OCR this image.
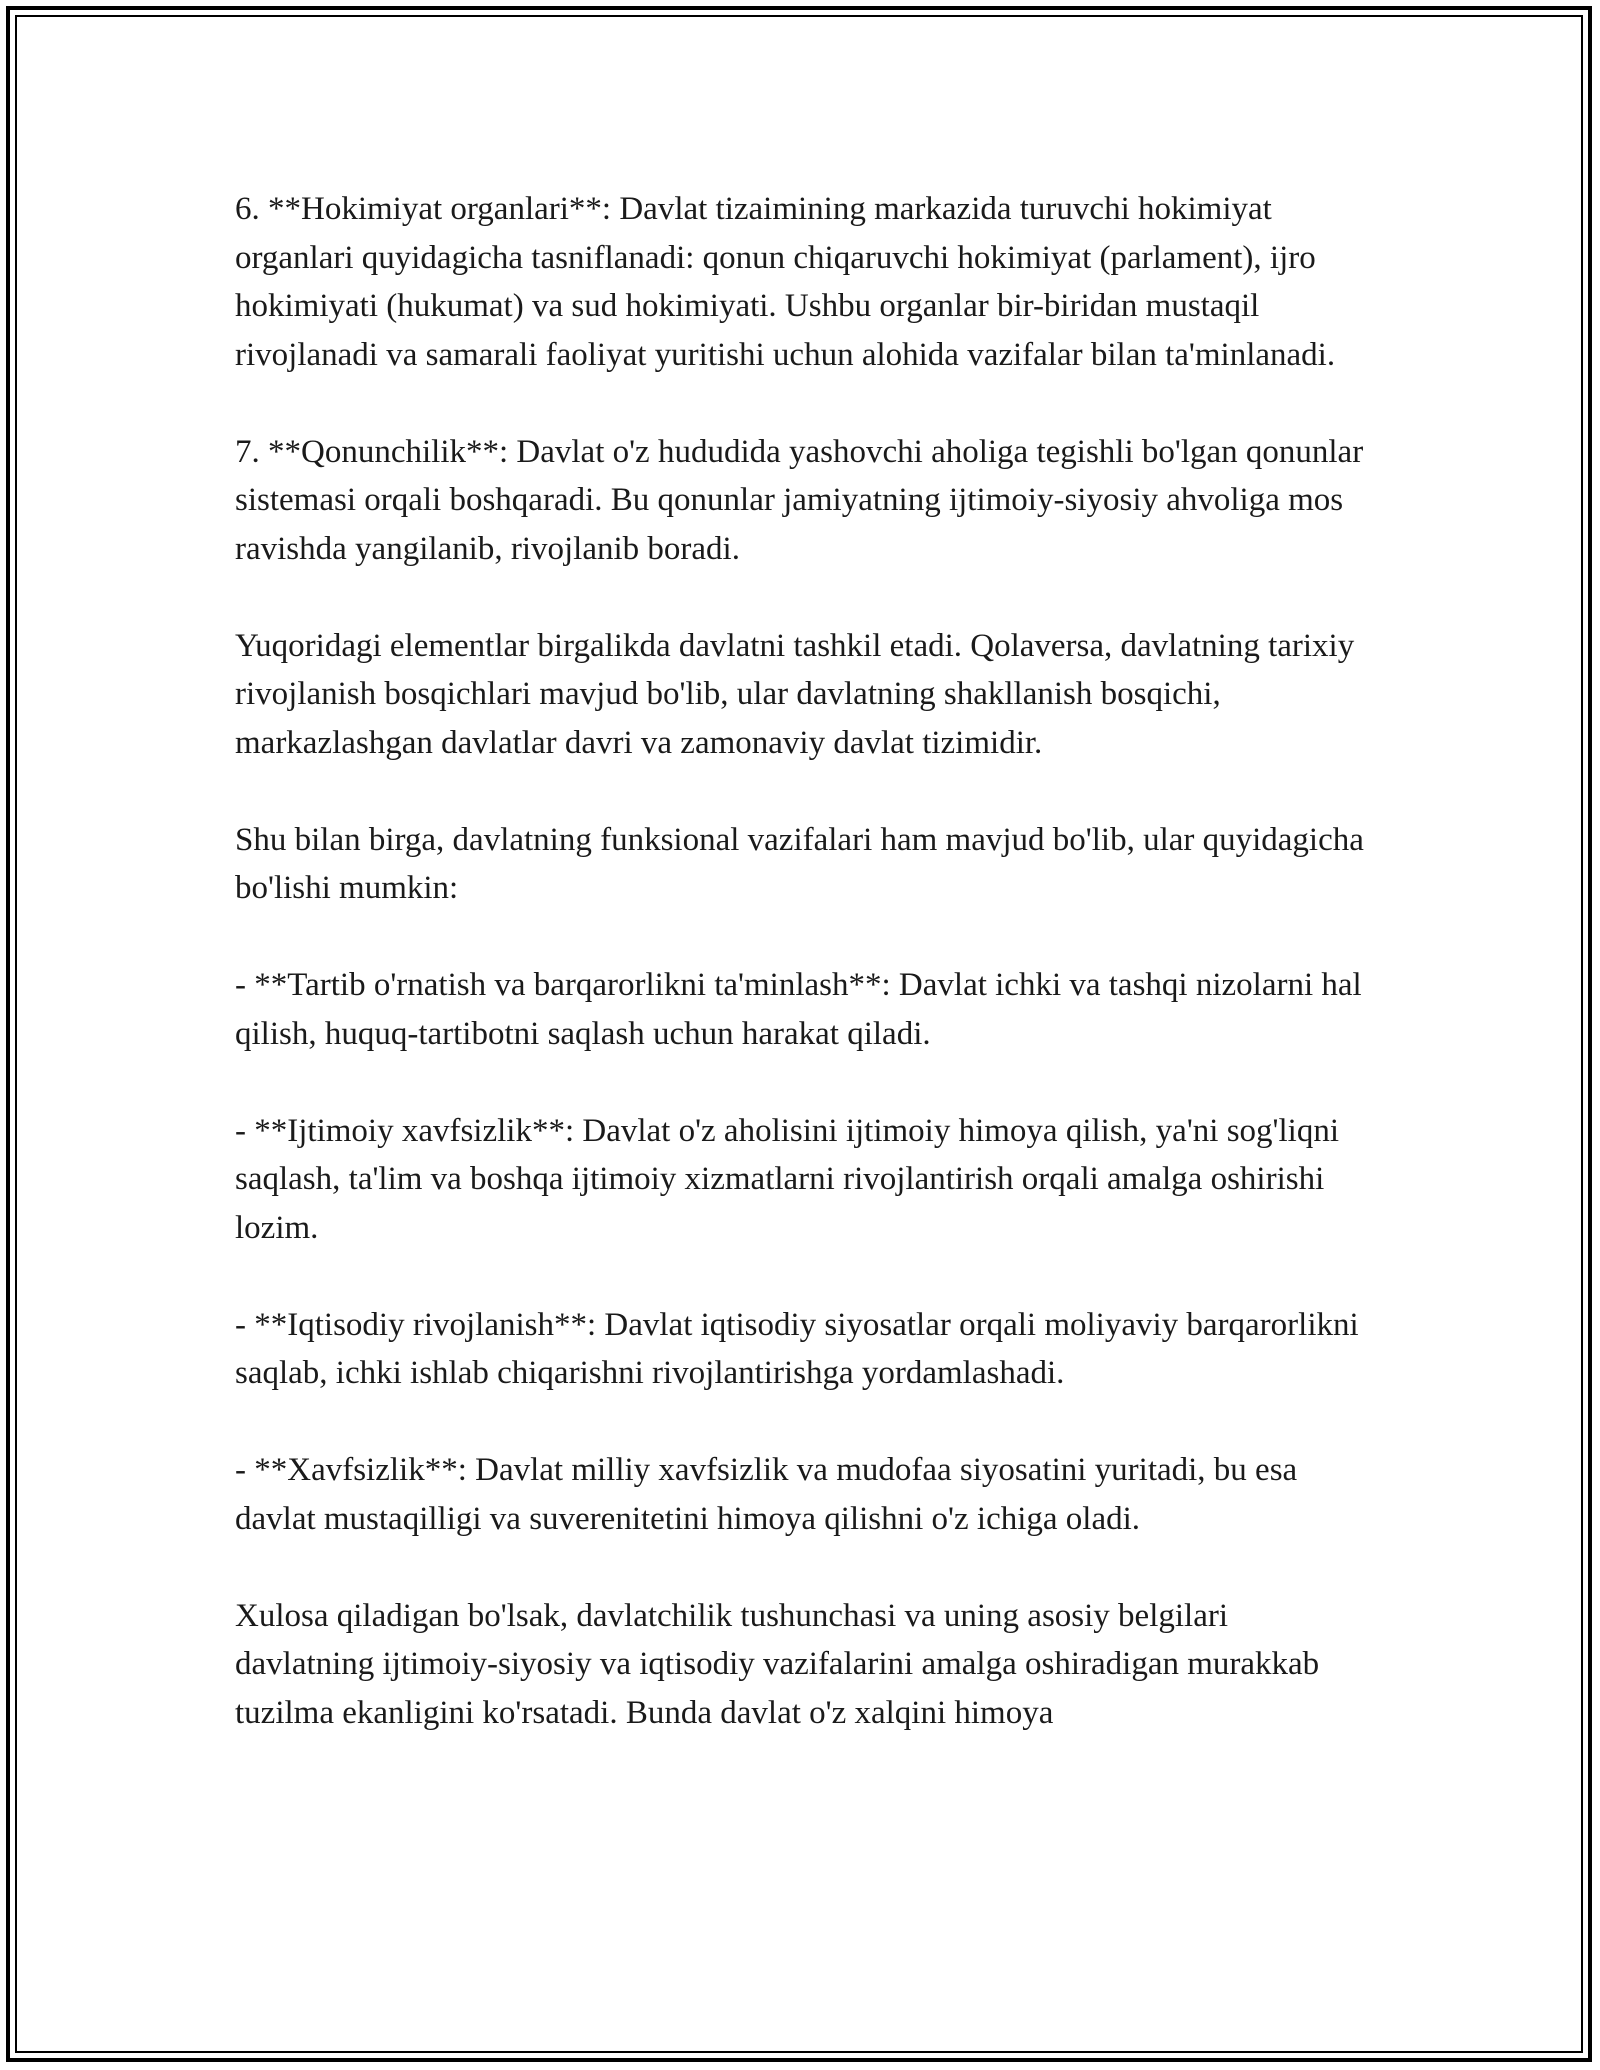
6. **Hokimiyat organlari**: Davlat tizaimining markazida turuvchi hokimiyat organlari quyidagicha tasniflanadi: qonun chiqaruvchi hokimiyat (parlament), ijro hokimiyati (hukumat) va sud hokimiyati. Ushbu organlar bir-biridan mustaqil rivojlanadi va samarali faoliyat yuritishi uchun alohida vazifalar bilan ta'minlanadi.

7. **Qonunchilik**: Davlat o'z hududida yashovchi aholiga tegishli bo'lgan qonunlar sistemasi orqali boshqaradi. Bu qonunlar jamiyatning ijtimoiy-siyosiy ahvoliga mos ravishda yangilanib, rivojlanib boradi.

Yuqoridagi elementlar birgalikda davlatni tashkil etadi. Qolaversa, davlatning tarixiy rivojlanish bosqichlari mavjud bo'lib, ular davlatning shakllanish bosqichi, markazlashgan davlatlar davri va zamonaviy davlat tizimidir.

Shu bilan birga, davlatning funksional vazifalari ham mavjud bo'lib, ular quyidagicha bo'lishi mumkin:

- **Tartib o'rnatish va barqarorlikni ta'minlash**: Davlat ichki va tashqi nizolarni hal qilish, huquq-tartibotni saqlash uchun harakat qiladi.

- **Ijtimoiy xavfsizlik**: Davlat o'z aholisini ijtimoiy himoya qilish, ya'ni sog'liqni saqlash, ta'lim va boshqa ijtimoiy xizmatlarni rivojlantirish orqali amalga oshirishi lozim.

- **Iqtisodiy rivojlanish**: Davlat iqtisodiy siyosatlar orqali moliyaviy barqarorlikni saqlab, ichki ishlab chiqarishni rivojlantirishga yordamlashadi.

- **Xavfsizlik**: Davlat milliy xavfsizlik va mudofaa siyosatini yuritadi, bu esa davlat mustaqilligi va suverenitetini himoya qilishni o'z ichiga oladi.

Xulosa qiladigan bo'lsak, davlatchilik tushunchasi va uning asosiy belgilari davlatning ijtimoiy-siyosiy va iqtisodiy vazifalarini amalga oshiradigan murakkab tuzilma ekanligini ko'rsatadi. Bunda davlat o'z xalqini himoya
